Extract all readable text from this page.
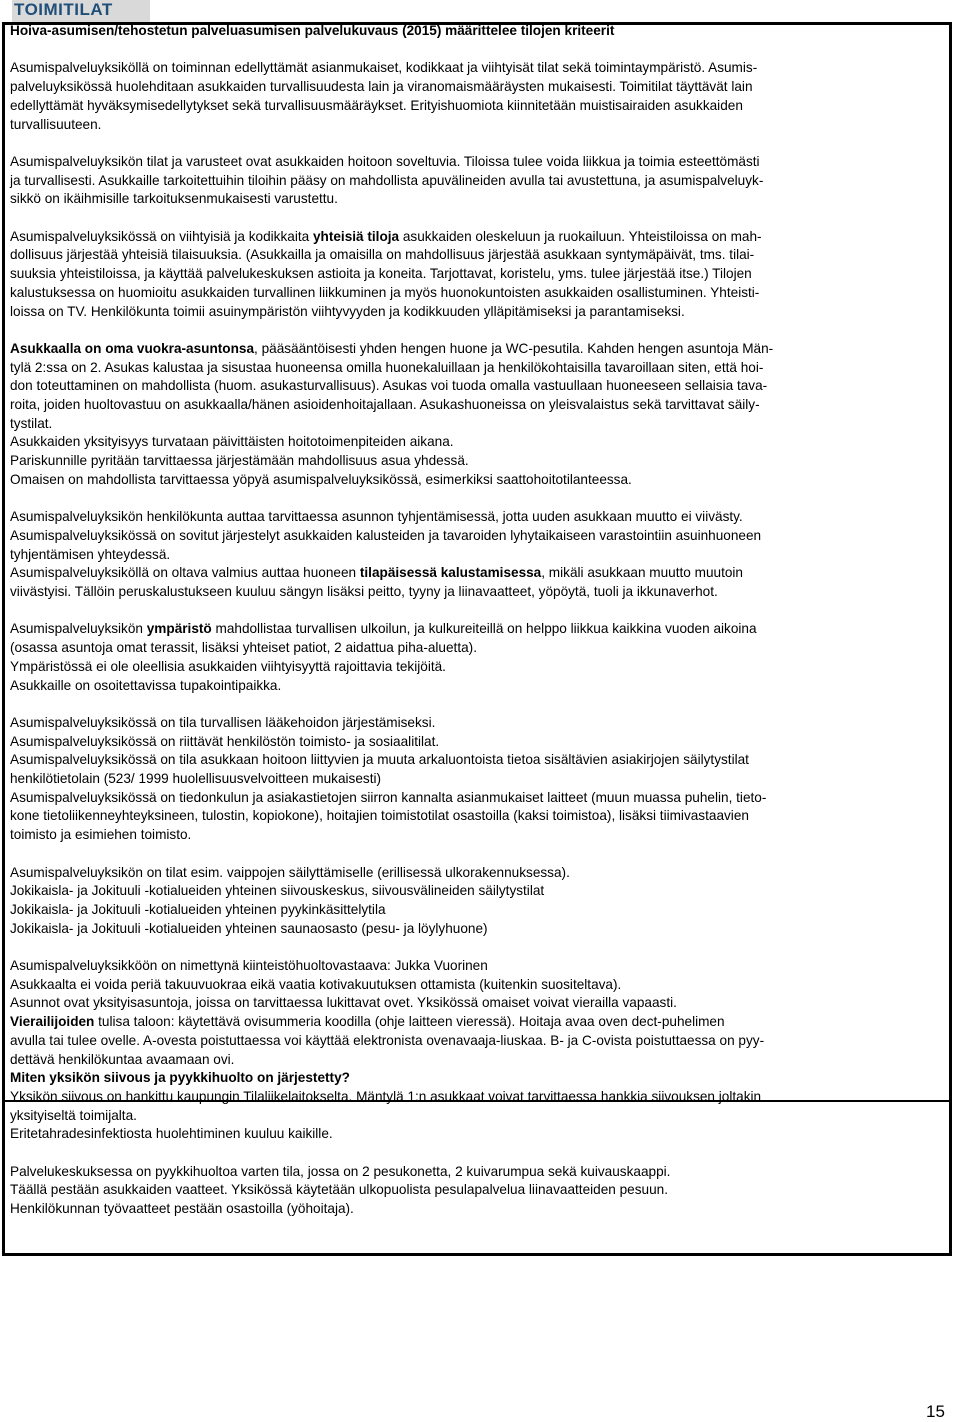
TOIMITILAT

Hoiva-asumisen/tehostetun palveluasumisen palvelukuvaus (2015) määrittelee tilojen kriteerit

Asumispalveluyksiköllä on toiminnan edellyttämät asianmukaiset, kodikkaat ja viihtyisät tilat sekä toimintaympäristö. Asumis-
palveluyksikössä huolehditaan asukkaiden turvallisuudesta lain ja viranomaismääräysten mukaisesti. Toimitilat täyttävät lain
edellyttämät hyväksymisedellytykset sekä turvallisuusmääräykset. Erityishuomiota kiinnitetään muistisairaiden asukkaiden
turvallisuuteen.

Asumispalveluyksikön tilat ja varusteet ovat asukkaiden hoitoon soveltuvia. Tiloissa tulee voida liikkua ja toimia esteettömästi
ja turvallisesti. Asukkaille tarkoitettuihin tiloihin pääsy on mahdollista apuvälineiden avulla tai avustettuna, ja asumispalveluyk-
sikkö on ikäihmisille tarkoituksenmukaisesti varustettu.

Asumispalveluyksikössä on viihtyisiä ja kodikkaita yhteisiä tiloja asukkaiden oleskeluun ja ruokailuun. Yhteistiloissa on mah-
dollisuus järjestää yhteisiä tilaisuuksia. (Asukkailla ja omaisilla on mahdollisuus järjestää asukkaan syntymäpäivät, tms. tilai-
suuksia yhteistiloissa, ja käyttää palvelukeskuksen astioita ja koneita. Tarjottavat, koristelu, yms. tulee järjestää itse.) Tilojen
kalustuksessa on huomioitu asukkaiden turvallinen liikkuminen ja myös huonokuntoisten asukkaiden osallistuminen. Yhteisti-
loissa on TV. Henkilökunta toimii asuinympäristön viihtyvyyden ja kodikkuuden ylläpitämiseksi ja parantamiseksi.

Asukkaalla on oma vuokra-asuntonsa, pääsääntöisesti yhden hengen huone ja WC-pesutila. Kahden hengen asuntoja Män-
tylä 2:ssa on 2. Asukas kalustaa ja sisustaa huoneensa omilla huonekaluillaan ja henkilökohtaisilla tavaroillaan siten, että hoi-
don toteuttaminen on mahdollista (huom. asukasturvallisuus). Asukas voi tuoda omalla vastuullaan huoneeseen sellaisia tava-
roita, joiden huoltovastuu on asukkaalla/hänen asioidenhoitajallaan. Asukashuoneissa on yleisvalaistus sekä tarvittavat säily-
tystilat.
Asukkaiden yksityisyys turvataan päivittäisten hoitotoimenpiteiden aikana.
Pariskunnille pyritään tarvittaessa järjestämään mahdollisuus asua yhdessä.
Omaisen on mahdollista tarvittaessa yöpyä asumispalveluyksikössä, esimerkiksi saattohoitotilanteessa.

Asumispalveluyksikön henkilökunta auttaa tarvittaessa asunnon tyhjentämisessä, jotta uuden asukkaan muutto ei viivästy.
Asumispalveluyksikössä on sovitut järjestelyt asukkaiden kalusteiden ja tavaroiden lyhytaikaiseen varastointiin asuinhuoneen
tyhjentämisen yhteydessä.
Asumispalveluyksiköllä on oltava valmius auttaa huoneen tilapäisessä kalustamisessa, mikäli asukkaan muutto muutoin
viivästyisi. Tällöin peruskalustukseen kuuluu sängyn lisäksi peitto, tyyny ja liinavaatteet, yöpöytä, tuoli ja ikkunaverhot.

Asumispalveluyksikön ympäristö mahdollistaa turvallisen ulkoilun, ja kulkureiteillä on helppo liikkua kaikkina vuoden aikoina
(osassa asuntoja omat terassit, lisäksi yhteiset patiot, 2 aidattua piha-aluetta).
Ympäristössä ei ole oleellisia asukkaiden viihtyisyyttä rajoittavia tekijöitä.
Asukkaille on osoitettavissa tupakointipaikka.

Asumispalveluyksikössä on tila turvallisen lääkehoidon järjestämiseksi.
Asumispalveluyksikössä on riittävät henkilöstön toimisto- ja sosiaalitilat.
Asumispalveluyksikössä on tila asukkaan hoitoon liittyvien ja muuta arkaluontoista tietoa sisältävien asiakirjojen säilytystilat
henkilötietolain (523/ 1999 huolellisuusvelvoitteen mukaisesti)
Asumispalveluyksikössä on tiedonkulun ja asiakastietojen siirron kannalta asianmukaiset laitteet (muun muassa puhelin, tieto-
kone tietoliikenneyhteyksineen, tulostin, kopiokone), hoitajien toimistotilat osastoilla (kaksi toimistoa), lisäksi tiimivastaavien
toimisto ja esimiehen toimisto.

Asumispalveluyksikön on tilat esim. vaippojen säilyttämiselle (erillisessä ulkorakennuksessa).
Jokikaisla- ja Jokituuli -kotialueiden yhteinen siivouskeskus, siivousvälineiden säilytystilat
Jokikaisla- ja Jokituuli -kotialueiden yhteinen pyykinkäsittelytila
Jokikaisla- ja Jokituuli -kotialueiden yhteinen saunaosasto (pesu- ja löylyhuone)

Asumispalveluyksikköön on nimettynä kiinteistöhuoltovastaava: Jukka Vuorinen
Asukkaalta ei voida periä takuuvuokraa eikä vaatia kotivakuutuksen ottamista (kuitenkin suositeltava).
Asunnot ovat yksityisasuntoja, joissa on tarvittaessa lukittavat ovet. Yksikössä omaiset voivat vierailla vapaasti.
Vierailijoiden tulisa taloon: käytettävä ovisummeria koodilla (ohje laitteen vieressä). Hoitaja avaa oven dect-puhelimen
avulla tai tulee ovelle. A-ovesta poistuttaessa voi käyttää elektronista ovenavaaja-liuskaa. B- ja C-ovista poistuttaessa on pyy-
dettävä henkilökuntaa avaamaan ovi.

Miten yksikön siivous ja pyykkihuolto on järjestetty?

Yksikön siivous on hankittu kaupungin Tilaliikelaitokselta. Mäntylä 1:n asukkaat voivat tarvittaessa hankkia siivouksen joltakin
yksityiseltä toimijalta.
Eritetahradesinfektiosta huolehtiminen kuuluu kaikille.

Palvelukeskuksessa on pyykkihuoltoa varten tila, jossa on 2 pesukonetta, 2 kuivarumpua sekä kuivauskaappi.
Täällä pestään asukkaiden vaatteet. Yksikössä käytetään ulkopuolista pesulapalvelua liinavaatteiden pesuun.
Henkilökunnan työvaatteet pestään osastoilla (yöhoitaja).

15
